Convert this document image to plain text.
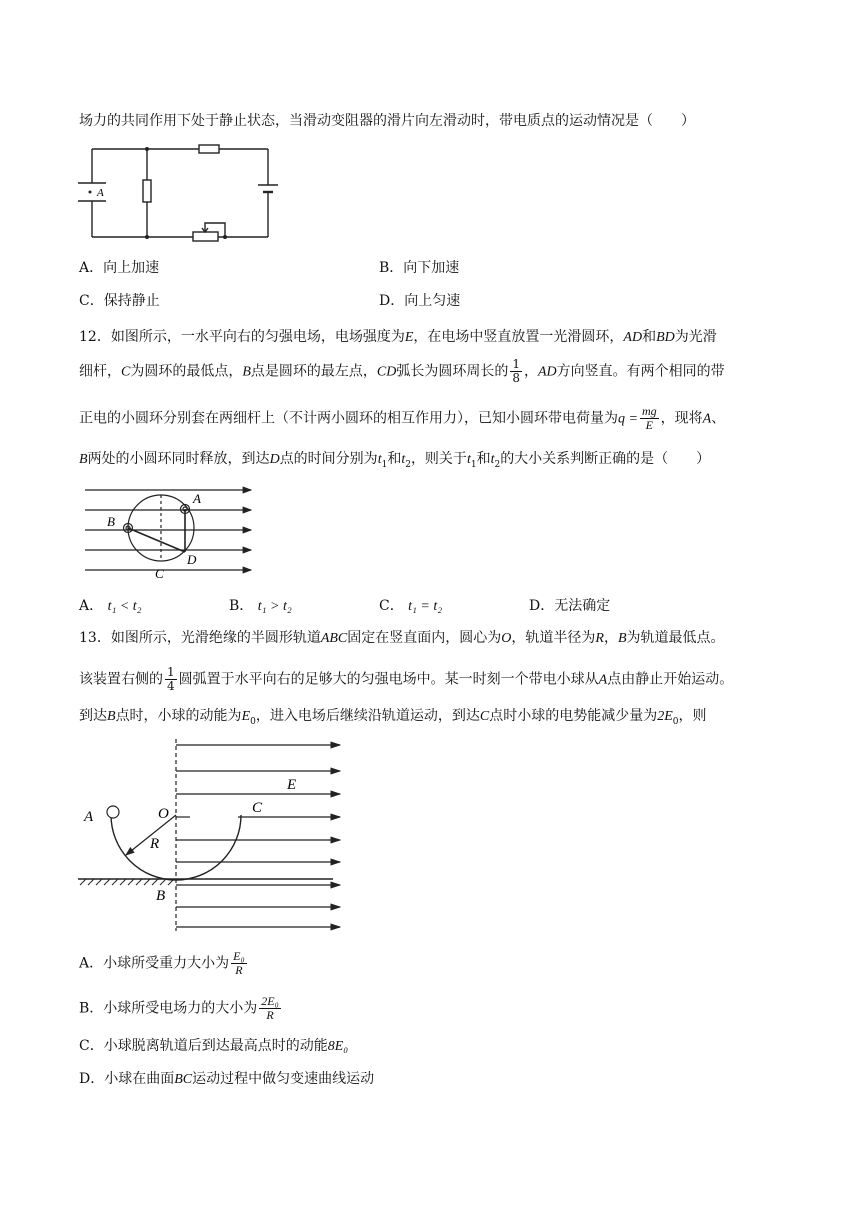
场力的共同作用下处于静止状态，当滑动变阻器的滑片向左滑动时，带电质点的运动情况是（　　）
A
A．向上加速	B．向下加速
C．保持静止	D．向上匀速
12．如图所示，一水平向右的匀强电场，电场强度为E，在电场中竖直放置一光滑圆环，AD和BD为光滑
细杆，C为圆环的最低点，B点是圆环的最左点，CD弧长为圆环周长的 $\frac{1}{8}$ ，AD方向竖直。有两个相同的带
正电的小圆环分别套在两细杆上（不计两小圆环的相互作用力），已知小圆环带电荷量为$q = \frac{mg}{E}$ ，现将A、
B两处的小圆环同时释放，到达D点的时间分别为$t_1$和$t_2$，则关于$t_1$和$t_2$的大小关系判断正确的是（　　）
A
B
C
D
A． t₁ < t₂	B． t₁ > t₂	C． t₁ = t₂	D．无法确定
13．如图所示，光滑绝缘的半圆形轨道ABC固定在竖直面内，圆心为O，轨道半径为R，B为轨道最低点。
该装置右侧的 $\frac{1}{4}$ 圆弧置于水平向右的足够大的匀强电场中。某一时刻一个带电小球从A点由静止开始运动。
到达B点时，小球的动能为$E_0$，进入电场后继续沿轨道运动，到达C点时小球的电势能减少量为$2E_0$，则
A	O	C
R
E
B
A．小球所受重力大小为 $\frac{\text{E₀}}{R}$
B．小球所受电场力的大小为 $\frac{\text{2E₀}}{R}$
C．小球脱离轨道后到达最高点时的动能8E₀
D．小球在曲面BC运动过程中做匀变速曲线运动
